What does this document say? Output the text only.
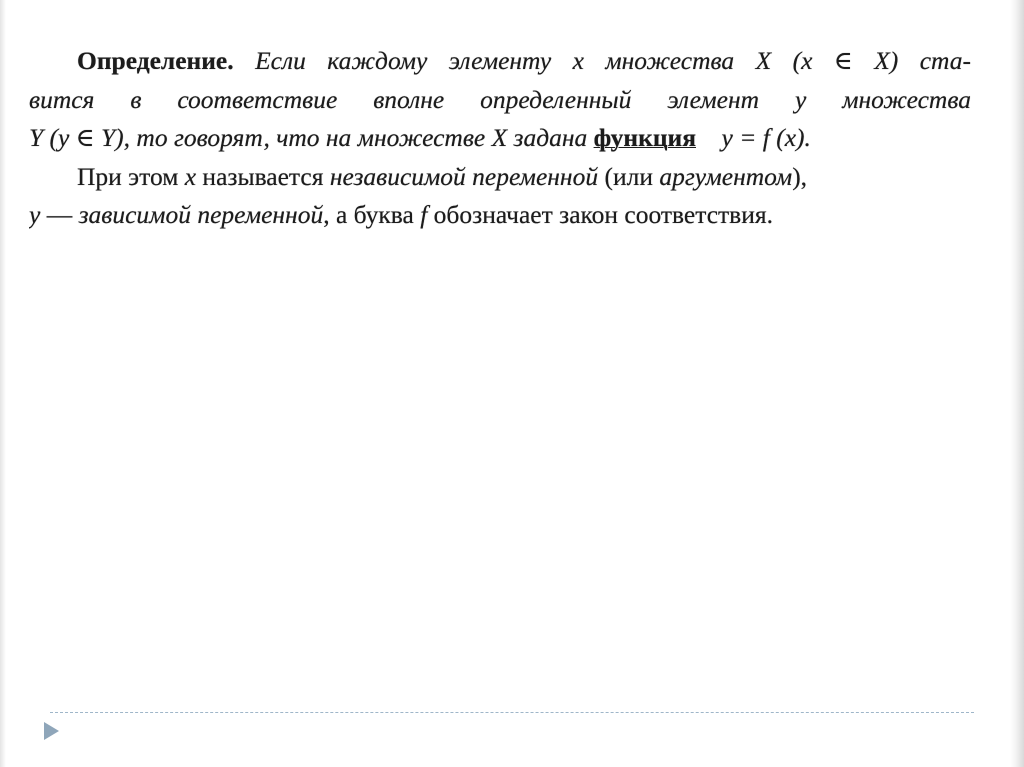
Определение. Если каждому элементу x множества X (x ∈ X) ста-
вится в соответствие вполне определенный элемент y множества
Y (y ∈ Y), то говорят, что на множестве X задана функция y = f (x).
При этом x называется независимой переменной (или аргументом),
y — зависимой переменной, а буква f обозначает закон соответствия.
